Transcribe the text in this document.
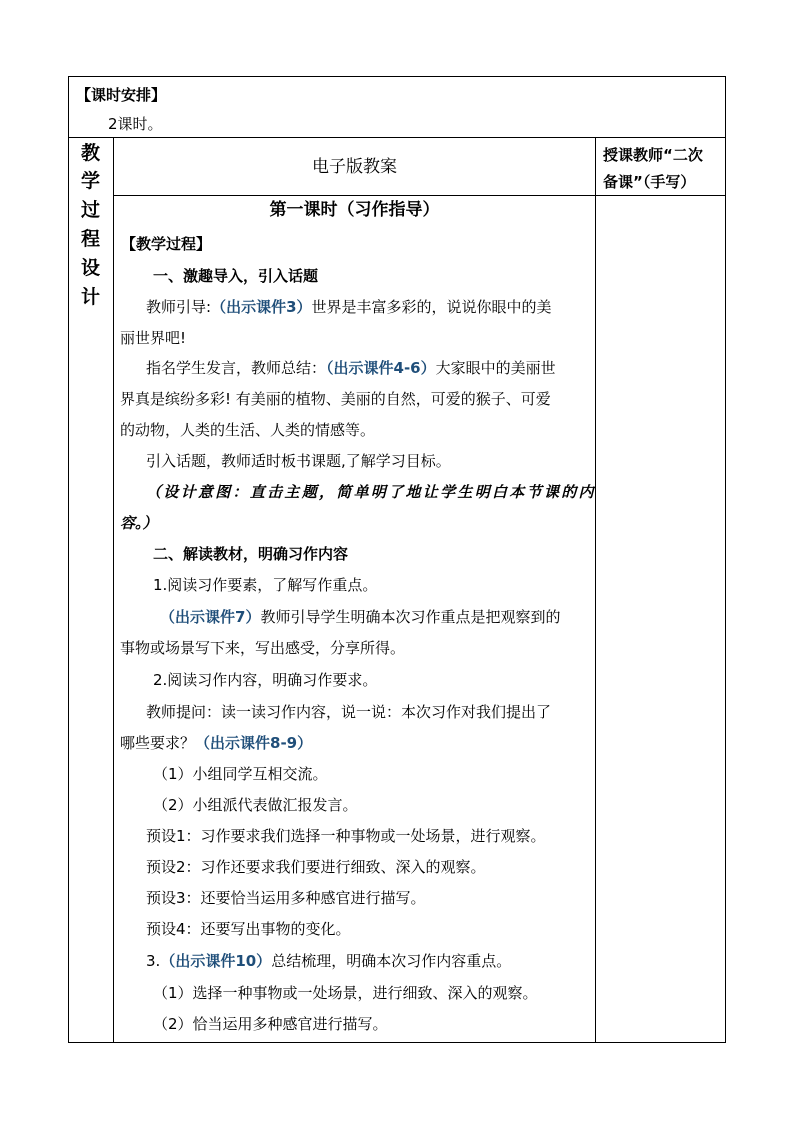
【课时安排】
2课时。
教
学
过
程
设
计
电子版教案
授课教师“二次
备课”（手写）
第一课时（习作指导）
【教学过程】
一、激趣导入，引入话题
教师引导:（出示课件3）世界是丰富多彩的，说说你眼中的美
丽世界吧!
指名学生发言，教师总结：（出示课件4-6）大家眼中的美丽世
界真是缤纷多彩! 有美丽的植物、美丽的自然，可爱的猴子、可爱
的动物，人类的生活、人类的情感等。
引入话题，教师适时板书课题,了解学习目标。
（设计意图：直击主题，简单明了地让学生明白本节课的内
容。）
二、解读教材，明确习作内容
1.阅读习作要素，了解写作重点。
（出示课件7）教师引导学生明确本次习作重点是把观察到的
事物或场景写下来，写出感受，分享所得。
2.阅读习作内容，明确习作要求。
教师提问：读一读习作内容，说一说：本次习作对我们提出了
哪些要求？（出示课件8-9）
（1）小组同学互相交流。
（2）小组派代表做汇报发言。
预设1：习作要求我们选择一种事物或一处场景，进行观察。
预设2：习作还要求我们要进行细致、深入的观察。
预设3：还要恰当运用多种感官进行描写。
预设4：还要写出事物的变化。
3.（出示课件10）总结梳理，明确本次习作内容重点。
（1）选择一种事物或一处场景，进行细致、深入的观察。
（2）恰当运用多种感官进行描写。
